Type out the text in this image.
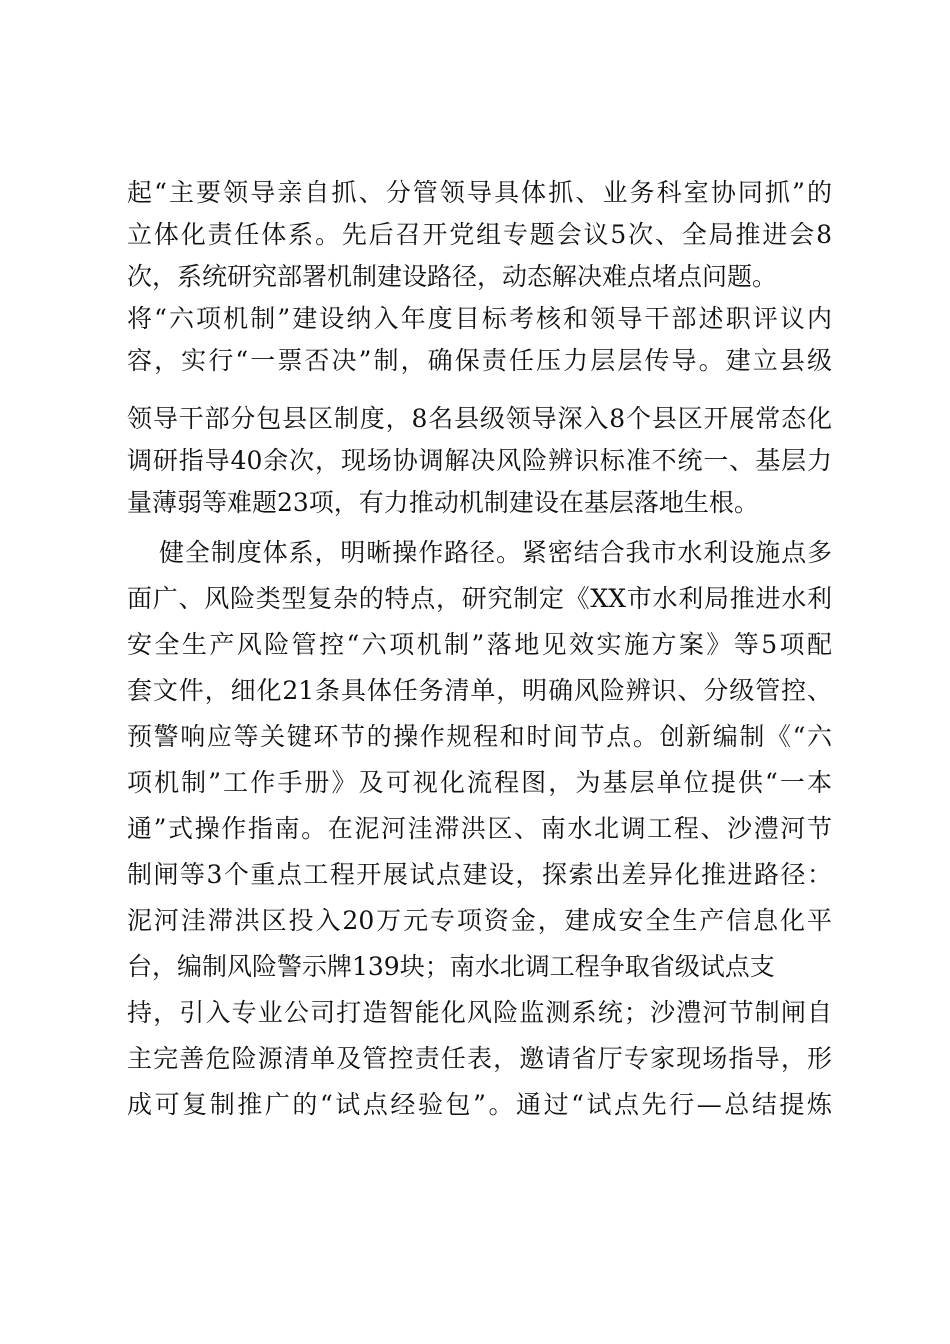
起“主要领导亲自抓、分管领导具体抓、业务科室协同抓”的
立体化责任体系。先后召开党组专题会议5次、全局推进会8
次，系统研究部署机制建设路径，动态解决难点堵点问题。
将“六项机制”建设纳入年度目标考核和领导干部述职评议内
容，实行“一票否决”制，确保责任压力层层传导。建立县级
领导干部分包县区制度，8名县级领导深入8个县区开展常态化
调研指导40余次，现场协调解决风险辨识标准不统一、基层力
量薄弱等难题23项，有力推动机制建设在基层落地生根。
健全制度体系，明晰操作路径。紧密结合我市水利设施点多
面广、风险类型复杂的特点，研究制定《XX市水利局推进水利
安全生产风险管控“六项机制”落地见效实施方案》等5项配
套文件，细化21条具体任务清单，明确风险辨识、分级管控、
预警响应等关键环节的操作规程和时间节点。创新编制《“六
项机制”工作手册》及可视化流程图，为基层单位提供“一本
通”式操作指南。在泥河洼滞洪区、南水北调工程、沙澧河节
制闸等3个重点工程开展试点建设，探索出差异化推进路径：
泥河洼滞洪区投入20万元专项资金，建成安全生产信息化平
台，编制风险警示牌139块；南水北调工程争取省级试点支
持，引入专业公司打造智能化风险监测系统；沙澧河节制闸自
主完善危险源清单及管控责任表，邀请省厅专家现场指导，形
成可复制推广的“试点经验包”。通过“试点先行—总结提炼
